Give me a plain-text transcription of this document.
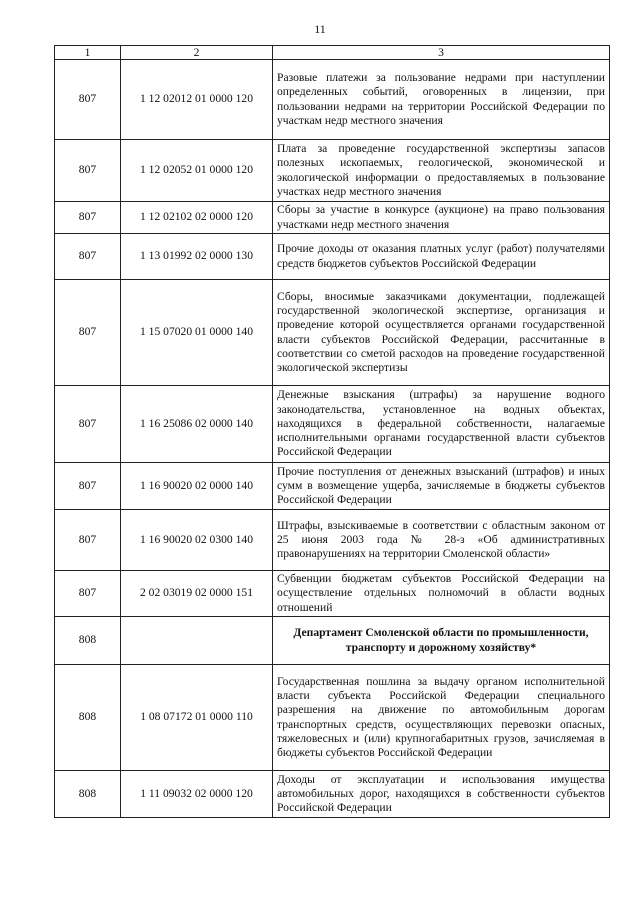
11
1	2	3
807	1 12 02012 01 0000 120	Разовые платежи за пользование недрами при наступлении определенных событий, оговоренных в лицензии, при пользовании недрами на территории Российской Федерации по участкам недр местного значения
807	1 12 02052 01 0000 120	Плата за проведение государственной экспертизы запасов полезных ископаемых, геологической, экономической и экологической информации о предоставляемых в пользование участках недр местного значения
807	1 12 02102 02 0000 120	Сборы за участие в конкурсе (аукционе) на право пользования участками недр местного значения
807	1 13 01992 02 0000 130	Прочие доходы от оказания платных услуг (работ) получателями средств бюджетов субъектов Российской Федерации
807	1 15 07020 01 0000 140	Сборы, вносимые заказчиками документации, подлежащей государственной экологической экспертизе, организация и проведение которой осуществляется органами государственной власти субъектов Российской Федерации, рассчитанные в соответствии со сметой расходов на проведение государственной экологической экспертизы
807	1 16 25086 02 0000 140	Денежные взыскания (штрафы) за нарушение водного законодательства, установленное на водных объектах, находящихся в федеральной собственности, налагаемые исполнительными органами государственной власти субъектов Российской Федерации
807	1 16 90020 02 0000 140	Прочие поступления от денежных взысканий (штрафов) и иных сумм в возмещение ущерба, зачисляемые в бюджеты субъектов Российской Федерации
807	1 16 90020 02 0300 140	Штрафы, взыскиваемые в соответствии с областным законом от 25 июня 2003 года № 28-з «Об административных правонарушениях на территории Смоленской области»
807	2 02 03019 02 0000 151	Субвенции бюджетам субъектов Российской Федерации на осуществление отдельных полномочий в области водных отношений
808		Департамент Смоленской области по промышленности, транспорту и дорожному хозяйству*
808	1 08 07172 01 0000 110	Государственная пошлина за выдачу органом исполнительной власти субъекта Российской Федерации специального разрешения на движение по автомобильным дорогам транспортных средств, осуществляющих перевозки опасных, тяжеловесных и (или) крупногабаритных грузов, зачисляемая в бюджеты субъектов Российской Федерации
808	1 11 09032 02 0000 120	Доходы от эксплуатации и использования имущества автомобильных дорог, находящихся в собственности субъектов Российской Федерации
